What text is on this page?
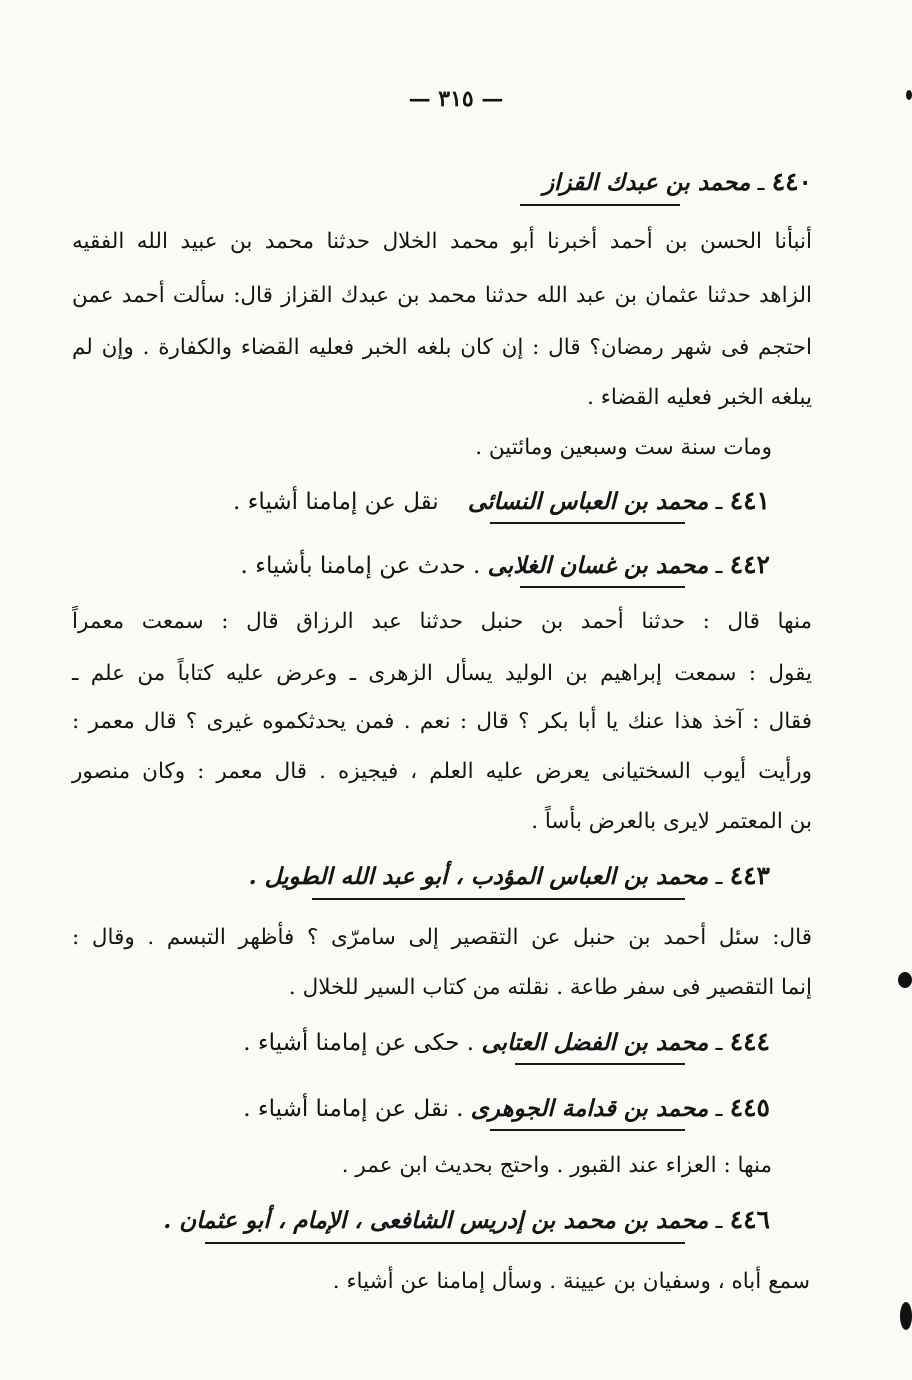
— ٣١٥ —
٤٤٠ ـ محمد بن عبدك القزاز
أنبأنا الحسن بن أحمد أخبرنا أبو محمد الخلال حدثنا محمد بن عبيد الله الفقيه
الزاهد حدثنا عثمان بن عبد الله حدثنا محمد بن عبدك القزاز قال: سألت أحمد عمن
احتجم فى شهر رمضان؟ قال : إن كان بلغه الخبر فعليه القضاء والكفارة . وإن لم
يبلغه الخبر فعليه القضاء .
ومات سنة ست وسبعين ومائتين .
٤٤١ ـ محمد بن العباس النسائى    نقل عن إمامنا أشياء .
٤٤٢ ـ محمد بن غسان الغلابى . حدث عن إمامنا بأشياء .
منها قال : حدثنا أحمد بن حنبل حدثنا عبد الرزاق قال : سمعت معمراً
يقول : سمعت إبراهيم بن الوليد يسأل الزهرى ـ وعرض عليه كتاباً من علم ـ
فقال : آخذ هذا عنك يا أبا بكر ؟ قال : نعم . فمن يحدثكموه غيرى ؟ قال معمر :
ورأيت أيوب السختيانى يعرض عليه العلم ، فيجيزه . قال معمر : وكان منصور
بن المعتمر لايرى بالعرض بأساً .
٤٤٣ ـ محمد بن العباس المؤدب ، أبو عبد الله الطويل .
قال: سئل أحمد بن حنبل عن التقصير إلى سامرّى ؟ فأظهر التبسم . وقال :
إنما التقصير فى سفر طاعة . نقلته من كتاب السير للخلال .
٤٤٤ ـ محمد بن الفضل العتابى . حكى عن إمامنا أشياء .
٤٤٥ ـ محمد بن قدامة الجوهرى . نقل عن إمامنا أشياء .
منها : العزاء عند القبور . واحتج بحديث ابن عمر .
٤٤٦ ـ محمد بن محمد بن إدريس الشافعى ، الإمام ، أبو عثمان .
سمع أباه ، وسفيان بن عيينة . وسأل إمامنا عن أشياء .
